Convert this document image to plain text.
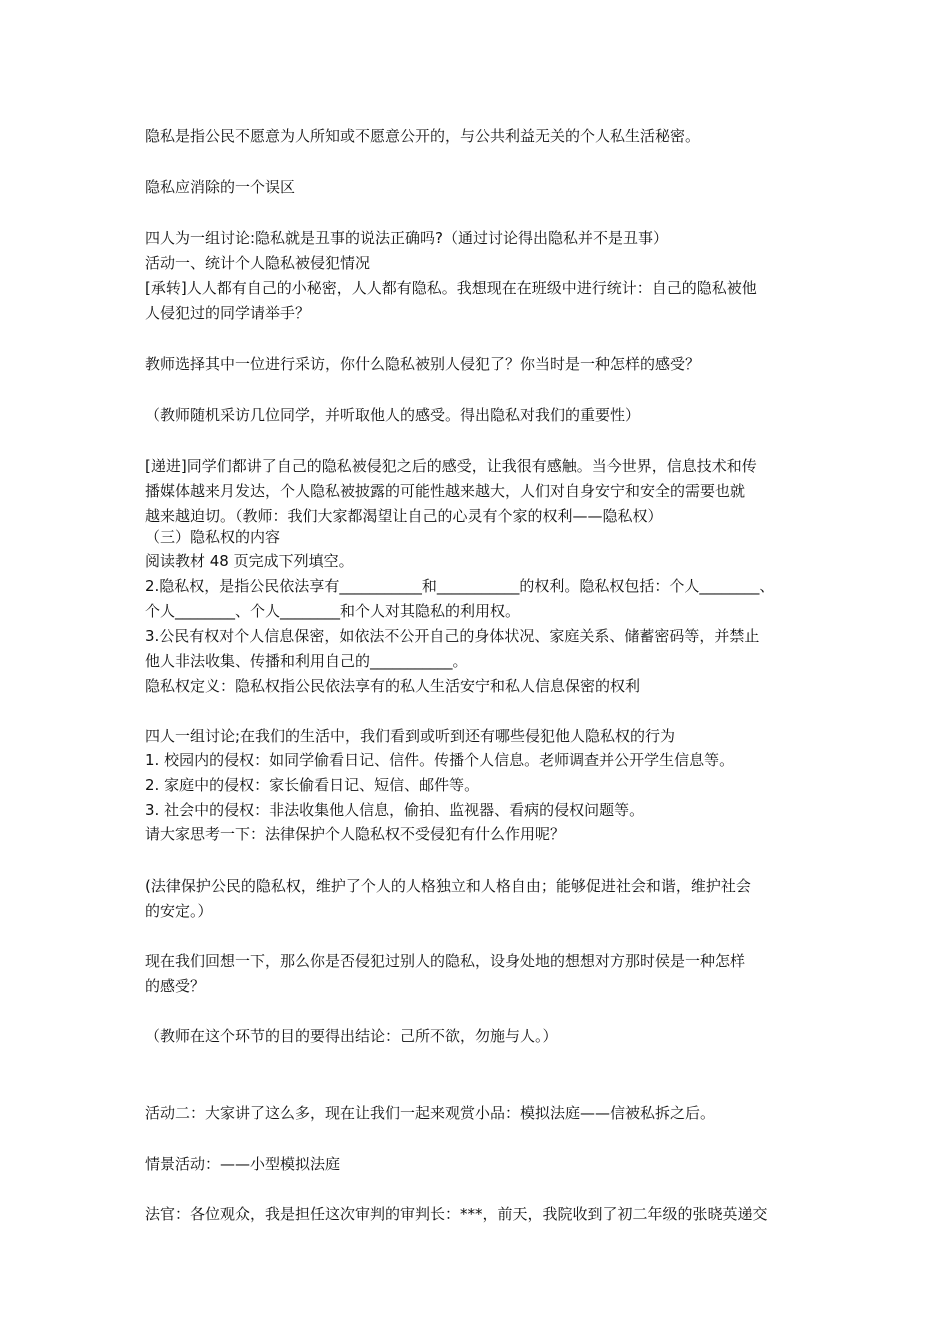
隐私是指公民不愿意为人所知或不愿意公开的，与公共利益无关的个人私生活秘密。
隐私应消除的一个误区
四人为一组讨论:隐私就是丑事的说法正确吗?（通过讨论得出隐私并不是丑事）
活动一、统计个人隐私被侵犯情况
[承转]人人都有自己的小秘密，人人都有隐私。我想现在在班级中进行统计：自己的隐私被他
人侵犯过的同学请举手？
教师选择其中一位进行采访，你什么隐私被别人侵犯了？你当时是一种怎样的感受？
（教师随机采访几位同学，并听取他人的感受。得出隐私对我们的重要性）
[递进]同学们都讲了自己的隐私被侵犯之后的感受，让我很有感触。当今世界，信息技术和传
播媒体越来月发达，个人隐私被披露的可能性越来越大，人们对自身安宁和安全的需要也就
越来越迫切。（教师：我们大家都渴望让自己的心灵有个家的权利——隐私权）
（三）隐私权的内容
阅读教材 48 页完成下列填空。
2.隐私权，是指公民依法享有___________和___________的权利。隐私权包括：个人________、
个人________、个人________和个人对其隐私的利用权。
3.公民有权对个人信息保密，如依法不公开自己的身体状况、家庭关系、储蓄密码等，并禁止
他人非法收集、传播和利用自己的___________。
隐私权定义：隐私权指公民依法享有的私人生活安宁和私人信息保密的权利
四人一组讨论;在我们的生活中，我们看到或听到还有哪些侵犯他人隐私权的行为
1. 校园内的侵权：如同学偷看日记、信件。传播个人信息。老师调查并公开学生信息等。
2. 家庭中的侵权：家长偷看日记、短信、邮件等。
3. 社会中的侵权：非法收集他人信息，偷拍、监视器、看病的侵权问题等。
请大家思考一下：法律保护个人隐私权不受侵犯有什么作用呢？
(法律保护公民的隐私权，维护了个人的人格独立和人格自由；能够促进社会和谐，维护社会
的安定。）
现在我们回想一下，那么你是否侵犯过别人的隐私，设身处地的想想对方那时侯是一种怎样
的感受？
（教师在这个环节的目的要得出结论：己所不欲，勿施与人。）
活动二：大家讲了这么多，现在让我们一起来观赏小品：模拟法庭——信被私拆之后。
情景活动：——小型模拟法庭
法官：各位观众，我是担任这次审判的审判长：***，前天，我院收到了初二年级的张晓英递交
